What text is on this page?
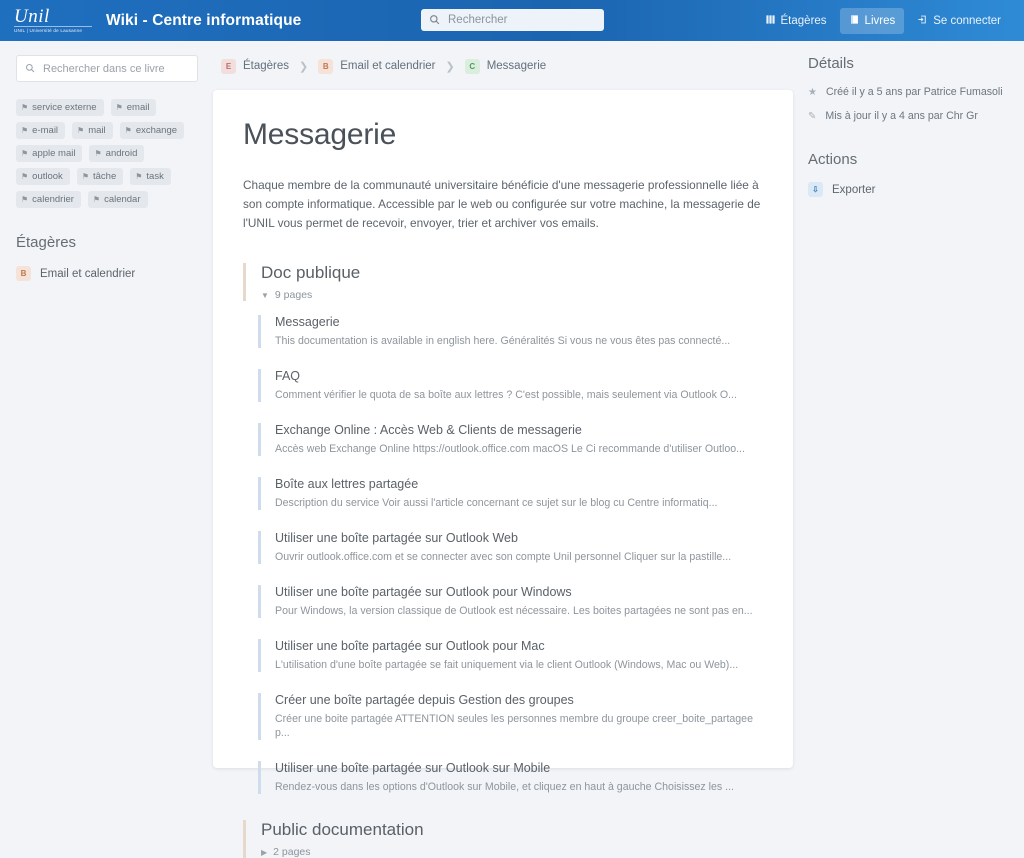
Unil
UNIL | Université de Lausanne
Wiki - Centre informatique
Rechercher	Étagères	Livres	Se connecter
Rechercher dans ce livre
⚑ service externe ⚑ email
⚑ e-mail ⚑ mail ⚑ exchange
⚑ apple mail ⚑ android
⚑ outlook ⚑ tâche ⚑ task
⚑ calendrier ⚑ calendar
Étagères
B	Email et calendrier
E	Étagères ❯	B	Email et calendrier ❯	C	Messagerie
Messagerie

Chaque membre de la communauté universitaire bénéficie d'une messagerie professionnelle liée à son compte informatique. Accessible par le web ou configurée sur votre machine, la messagerie de l'UNIL vous permet de recevoir, envoyer, trier et archiver vos emails.

Doc publique
▼ 9 pages
Messagerie
This documentation is available in english here. Généralités Si vous ne vous êtes pas connecté...
FAQ
Comment vérifier le quota de sa boîte aux lettres ? C'est possible, mais seulement via Outlook O...
Exchange Online : Accès Web & Clients de messagerie
Accès web Exchange Online https://outlook.office.com macOS Le Ci recommande d'utiliser Outloo...
Boîte aux lettres partagée
Description du service Voir aussi l'article concernant ce sujet sur le blog cu Centre informatiq...
Utiliser une boîte partagée sur Outlook Web
Ouvrir outlook.office.com et se connecter avec son compte Unil personnel Cliquer sur la pastille...
Utiliser une boîte partagée sur Outlook pour Windows
Pour Windows, la version classique de Outlook est nécessaire. Les boites partagées ne sont pas en...
Utiliser une boîte partagée sur Outlook pour Mac
L'utilisation d'une boîte partagée se fait uniquement via le client Outlook (Windows, Mac ou Web)...
Créer une boîte partagée depuis Gestion des groupes
Créer une boite partagée ATTENTION seules les personnes membre du groupe creer_boite_partagee p...
Utiliser une boîte partagée sur Outlook sur Mobile
Rendez-vous dans les options d'Outlook sur Mobile, et cliquez en haut à gauche Choisissez les ...
Public documentation
▶ 2 pages
Détails
★ Créé il y a 5 ans par Patrice Fumasoli
✎ Mis à jour il y a 4 ans par Chr Gr
Actions
⇩	Exporter
